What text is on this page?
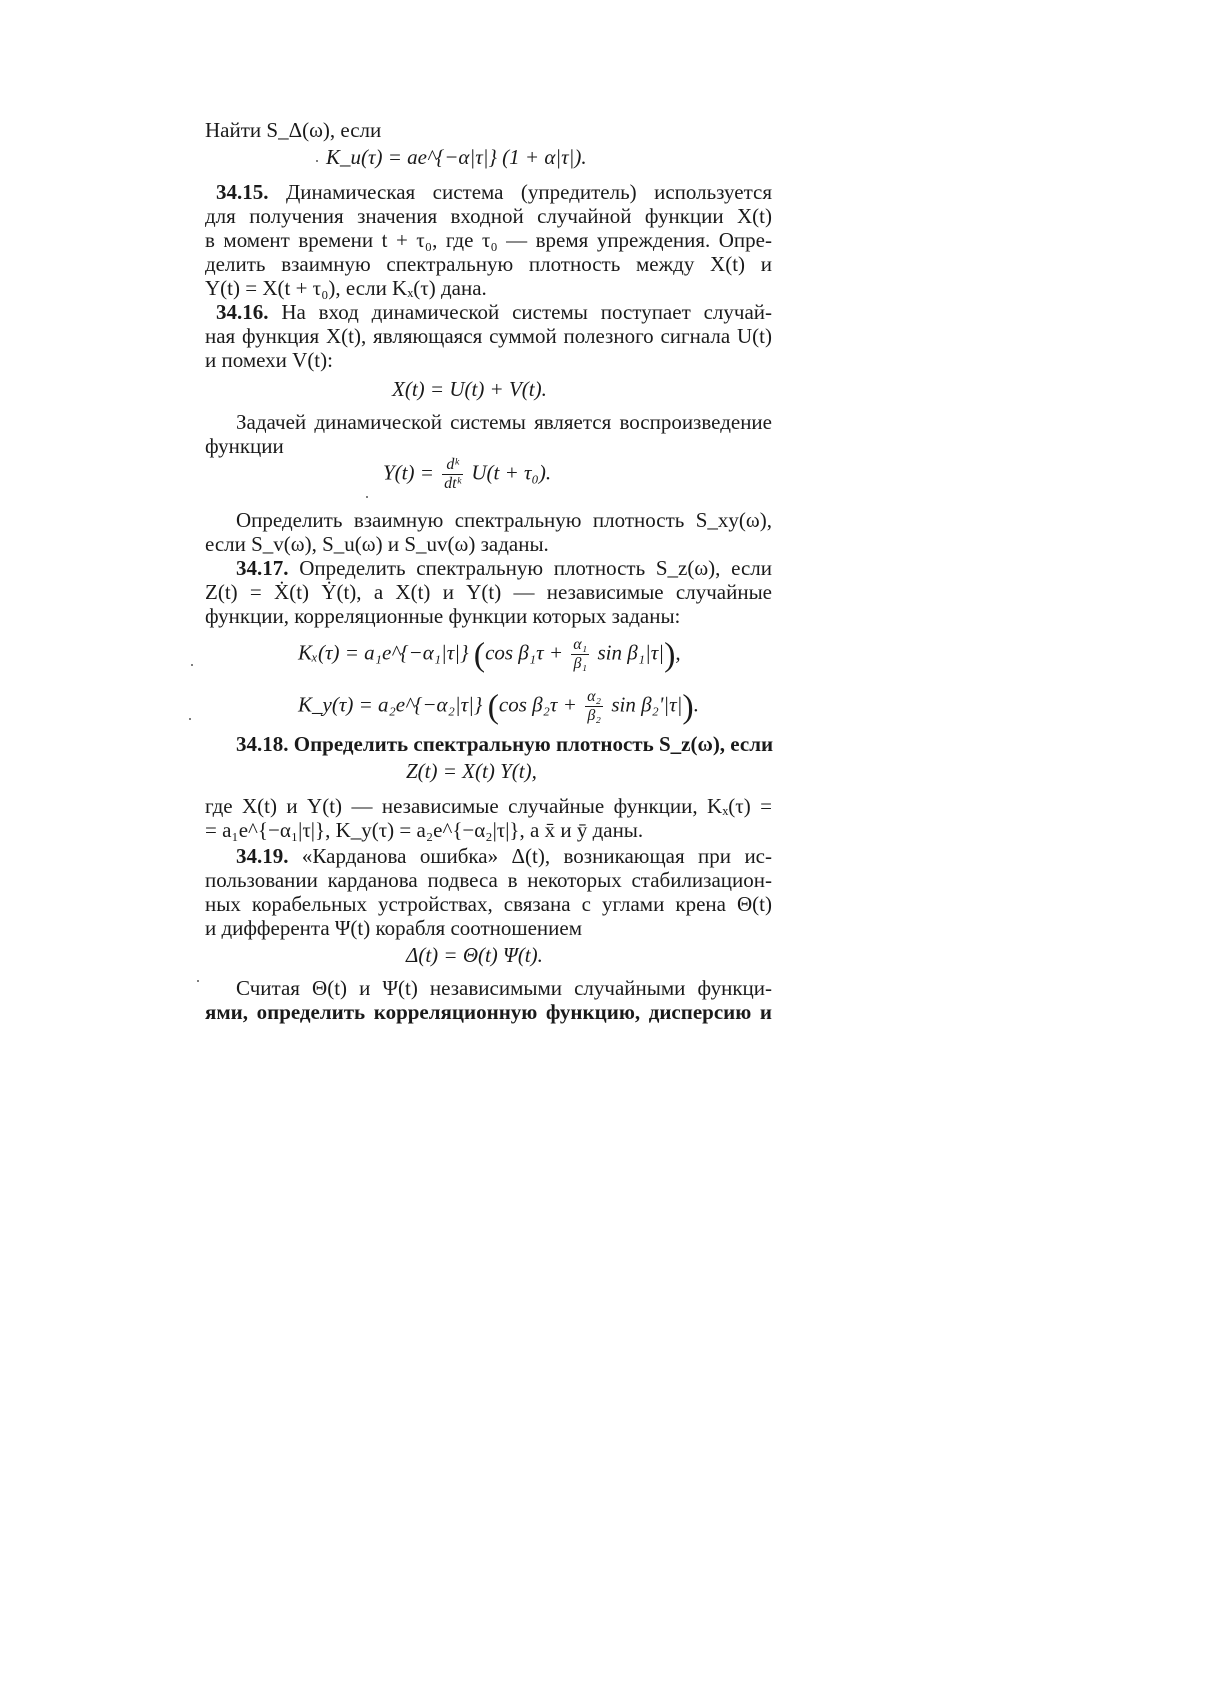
Найти S_Δ(ω), если
K_u(τ) = ae^{−α|τ|} (1 + α|τ|).
34.15. Динамическая система (упредитель) используется
для получения значения входной случайной функции X(t)
в момент времени t + τ₀, где τ₀ — время упреждения. Опре-
делить взаимную спектральную плотность между X(t) и
Y(t) = X(t + τ₀), если Kₓ(τ) дана.
34.16. На вход динамической системы поступает случай-
ная функция X(t), являющаяся суммой полезного сигнала U(t)
и помехи V(t):
X(t) = U(t) + V(t).
Задачей динамической системы является воспроизведение
функции
$Y(t) = \frac{\text{dᵏ}}{\text{dtᵏ}} U(t + \tau_0)$.
Определить взаимную спектральную плотность S_xy(ω),
если S_v(ω), S_u(ω) и S_uv(ω) заданы.
34.17. Определить спектральную плотность S_z(ω), если
Z(t) = Ẋ(t) Ẏ(t), а X(t) и Y(t) — независимые случайные
функции, корреляционные функции которых заданы:
Kₓ(τ) = a₁e^{−α₁|τ|} (cos $\beta_1\tau + \frac{\text{α₁}}{\text{β₁}}$ sin β₁|τ|),
K_y(τ) = a₂e^{−α₂|τ|} (cos $\beta_2\tau + \frac{\text{α₂}}{\text{β₂}}$ sin β₂'|τ|).
34.18. Определить спектральную плотность S_z(ω), если
Z(t) = X(t) Y(t),
где X(t) и Y(t) — независимые случайные функции, Kₓ(τ) =
= a₁e^{−α₁|τ|}, K_y(τ) = a₂e^{−α₂|τ|}, а x̄ и ȳ даны.
34.19. «Карданова ошибка» Δ(t), возникающая при ис-
пользовании карданова подвеса в некоторых стабилизацион-
ных корабельных устройствах, связана с углами крена Θ(t)
и дифферента Ψ(t) корабля соотношением
Δ(t) = Θ(t) Ψ(t).
Считая Θ(t) и Ψ(t) независимыми случайными функци-
ями, определить корреляционную функцию, дисперсию и
